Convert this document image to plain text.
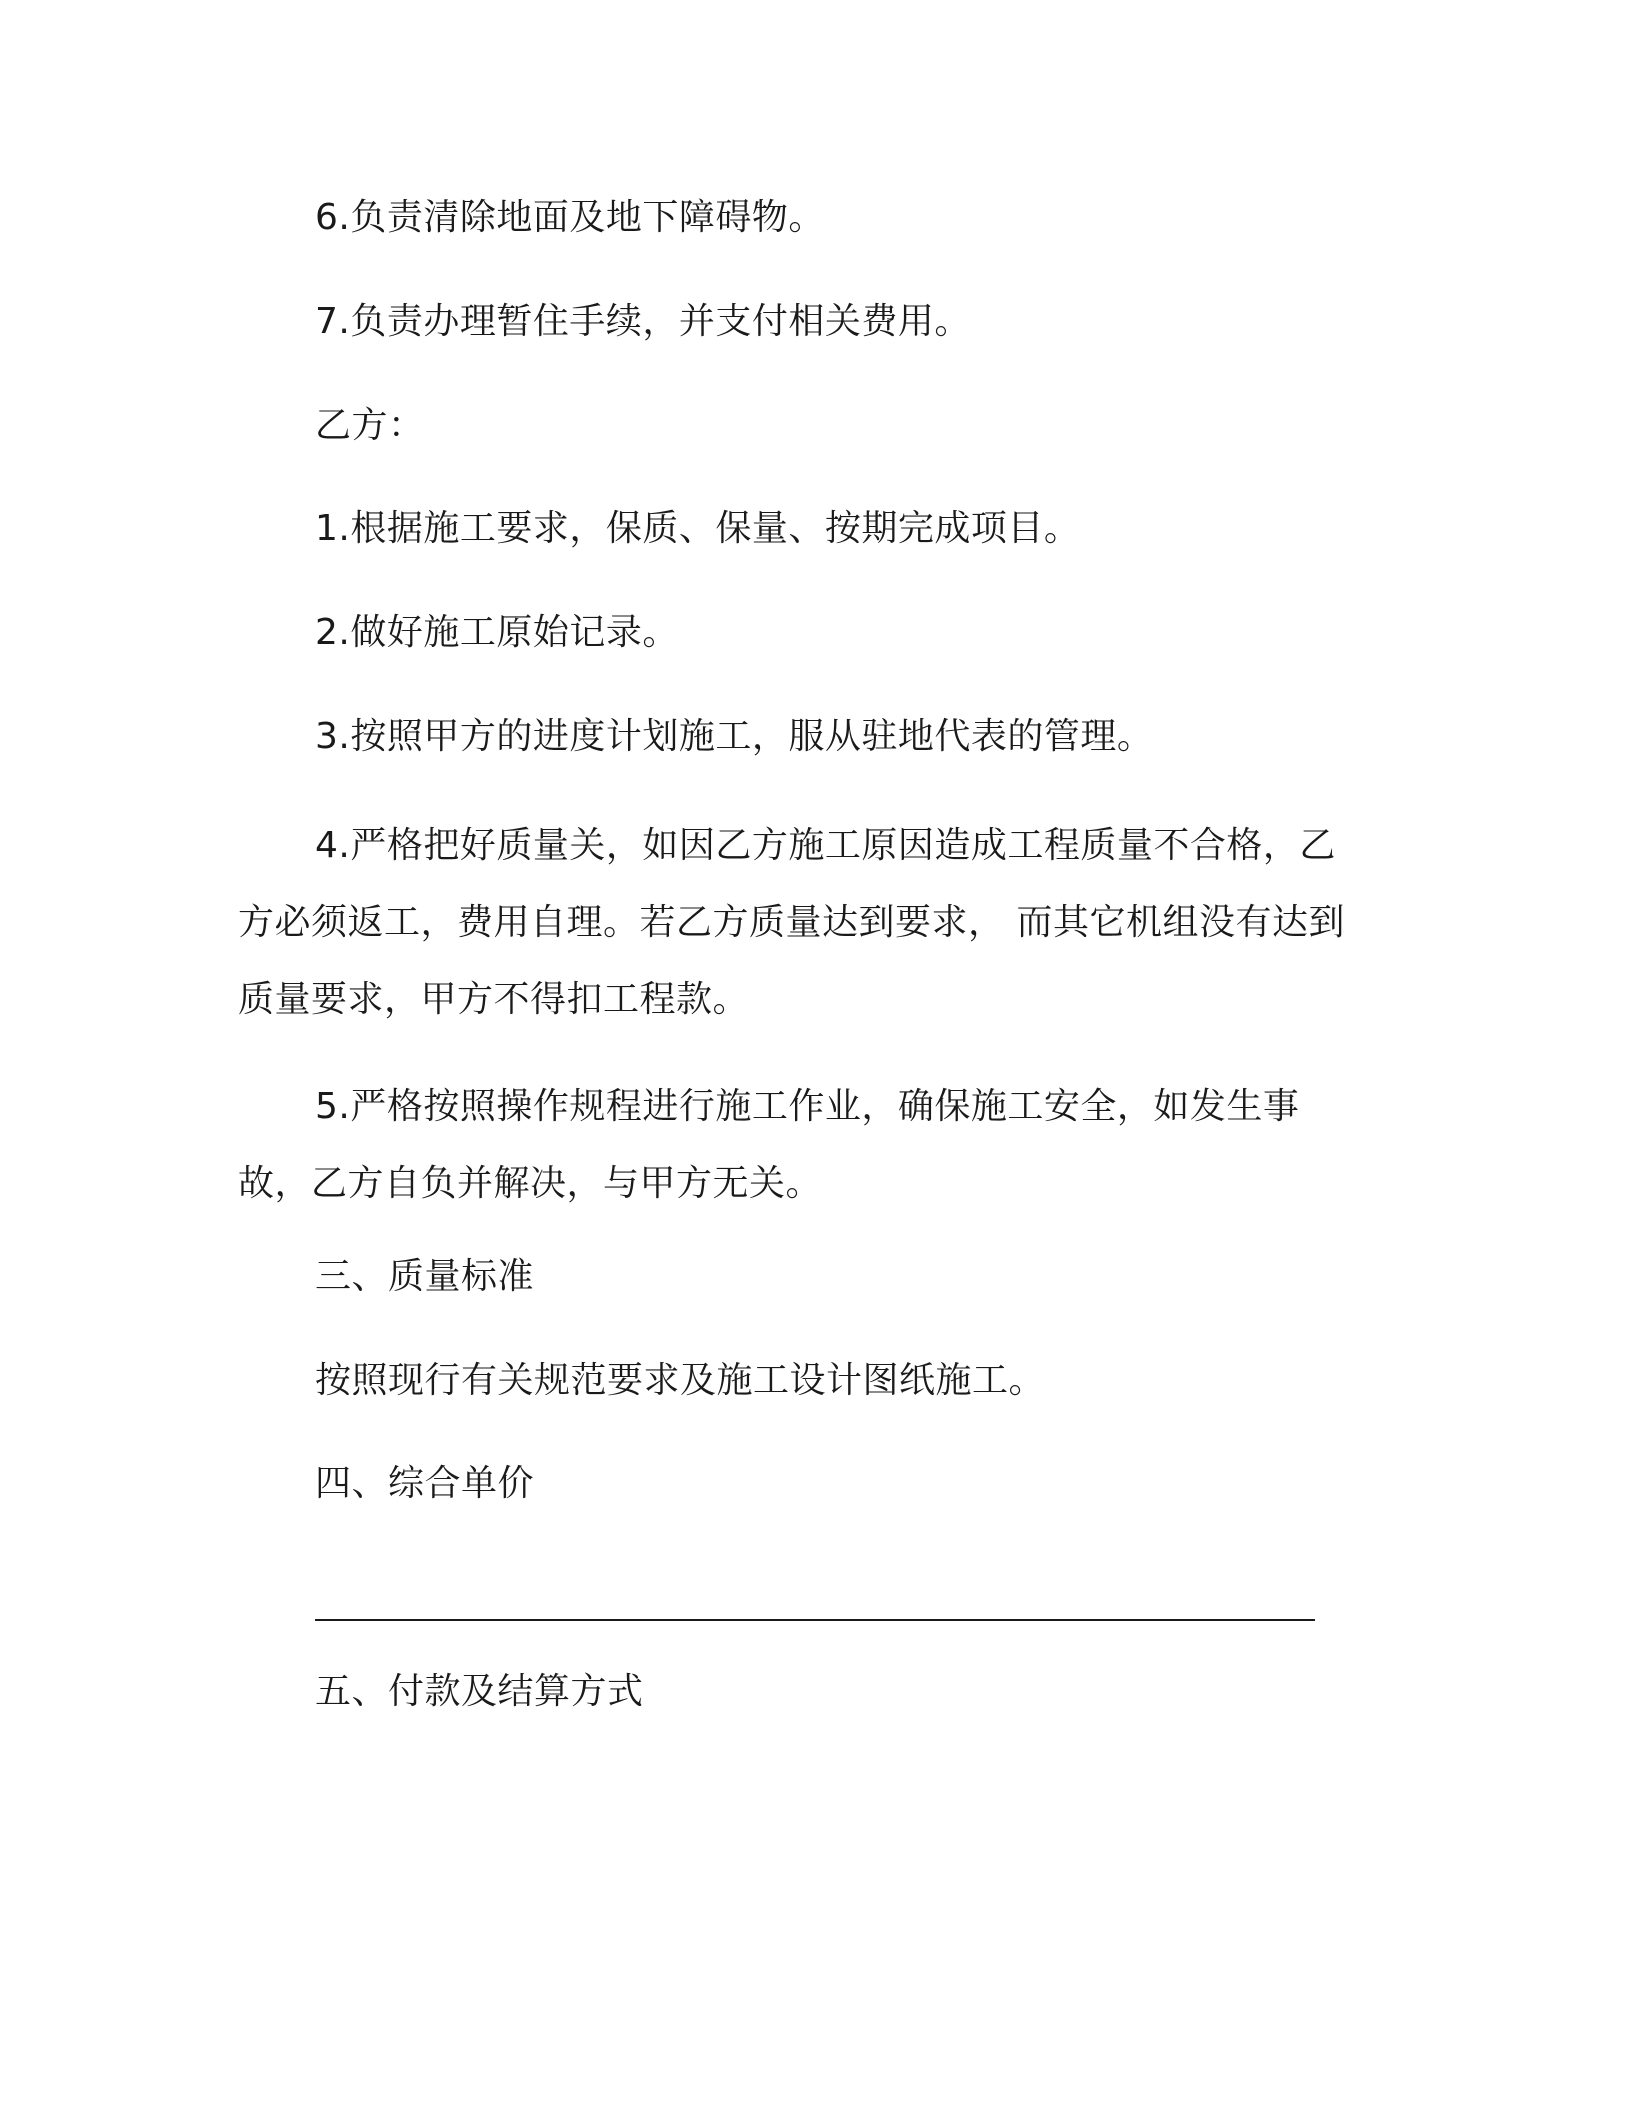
6.负责清除地面及地下障碍物。
7.负责办理暂住手续，并支付相关费用。
乙方：
1.根据施工要求，保质、保量、按期完成项目。
2.做好施工原始记录。
3.按照甲方的进度计划施工，服从驻地代表的管理。

4.严格把好质量关，如因乙方施工原因造成工程质量不合格，乙方必须返工，费用自理。若乙方质量达到要求， 而其它机组没有达到质量要求，甲方不得扣工程款。

5.严格按照操作规程进行施工作业，确保施工安全，如发生事故，乙方自负并解决，与甲方无关。

三、质量标准
按照现行有关规范要求及施工设计图纸施工。
四、综合单价
五、付款及结算方式
